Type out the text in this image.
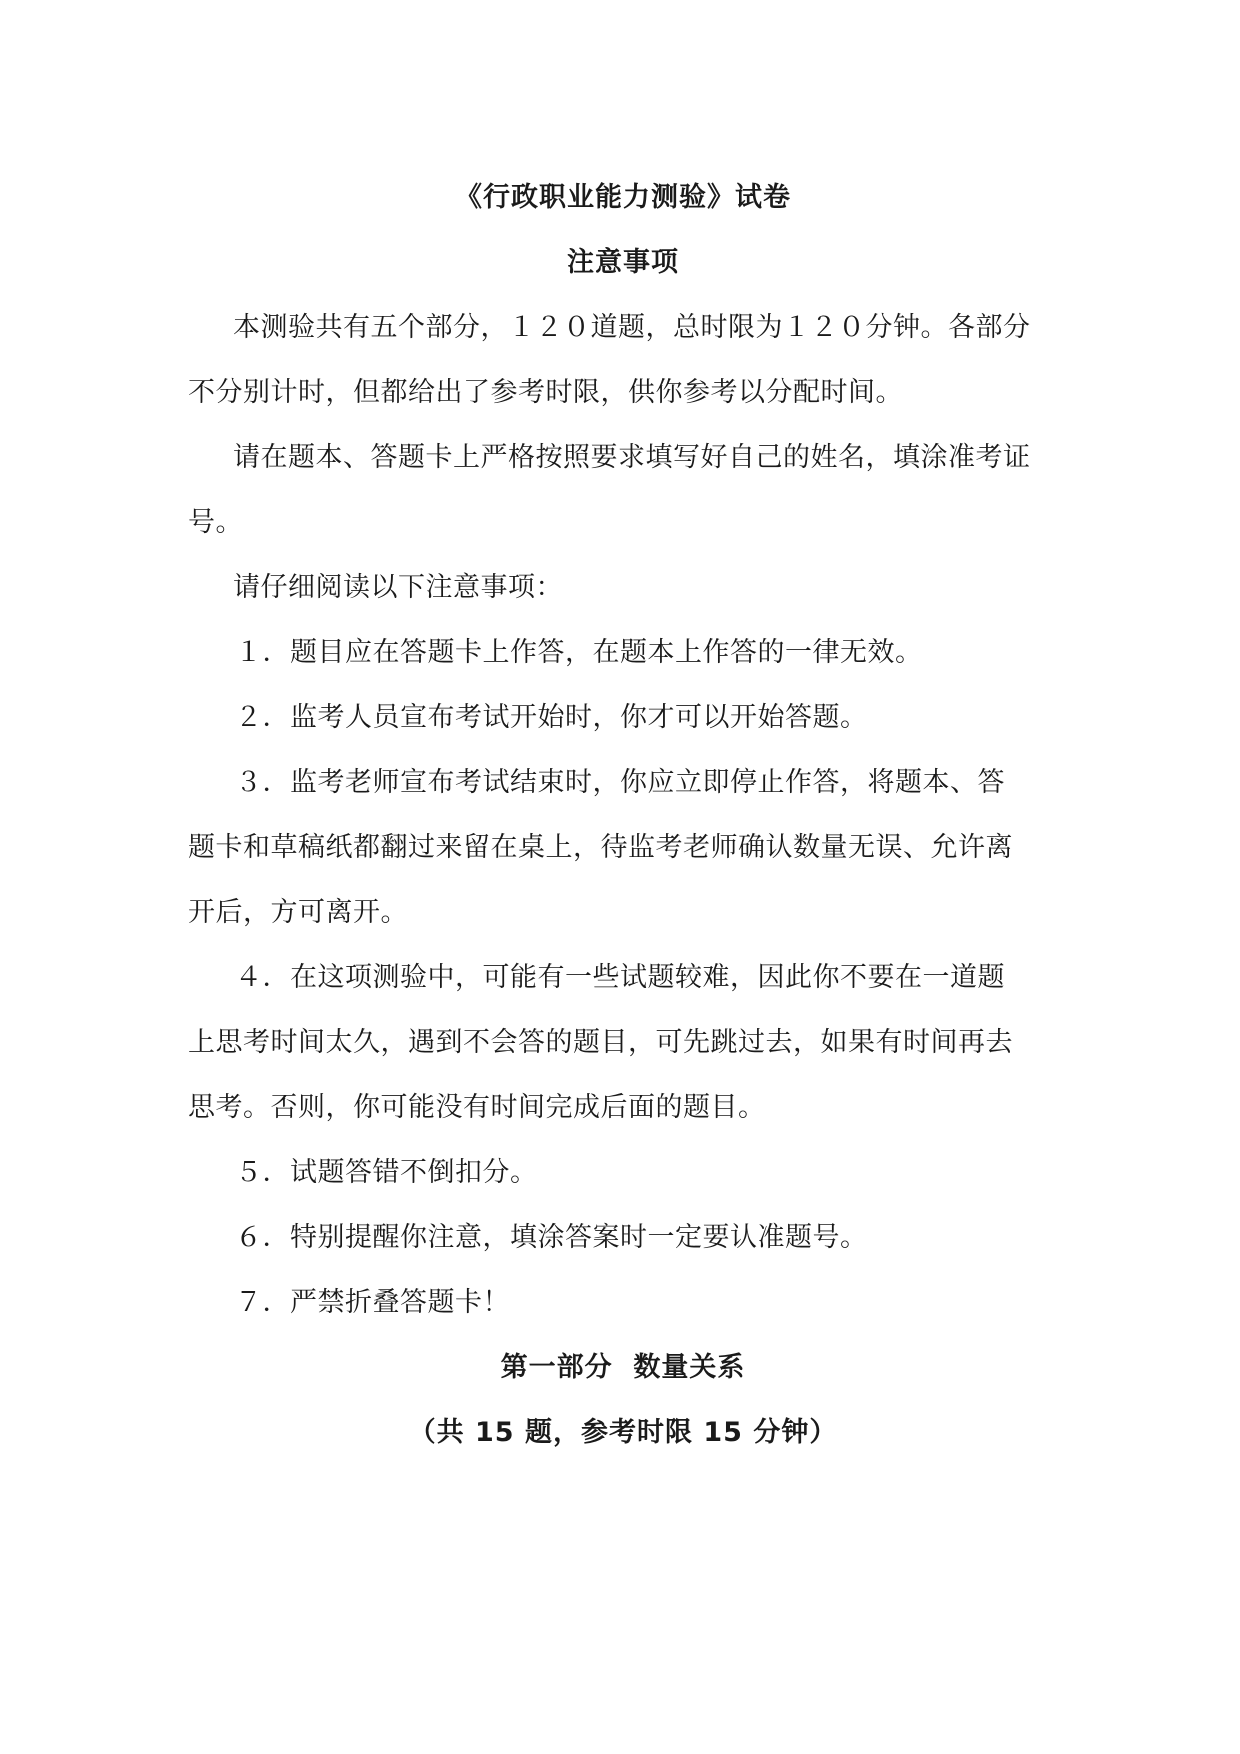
《行政职业能力测验》试卷
注意事项
本测验共有五个部分，１２０道题，总时限为１２０分钟。各部分
不分别计时，但都给出了参考时限，供你参考以分配时间。
请在题本、答题卡上严格按照要求填写好自己的姓名，填涂准考证
号。
请仔细阅读以下注意事项：
１．题目应在答题卡上作答，在题本上作答的一律无效。
２．监考人员宣布考试开始时，你才可以开始答题。
３．监考老师宣布考试结束时，你应立即停止作答，将题本、答
题卡和草稿纸都翻过来留在桌上，待监考老师确认数量无误、允许离
开后，方可离开。
４．在这项测验中，可能有一些试题较难，因此你不要在一道题
上思考时间太久，遇到不会答的题目，可先跳过去，如果有时间再去
思考。否则，你可能没有时间完成后面的题目。
５．试题答错不倒扣分。
６．特别提醒你注意，填涂答案时一定要认准题号。
７．严禁折叠答题卡！
第一部分  数量关系
（共 15 题，参考时限 15 分钟）
